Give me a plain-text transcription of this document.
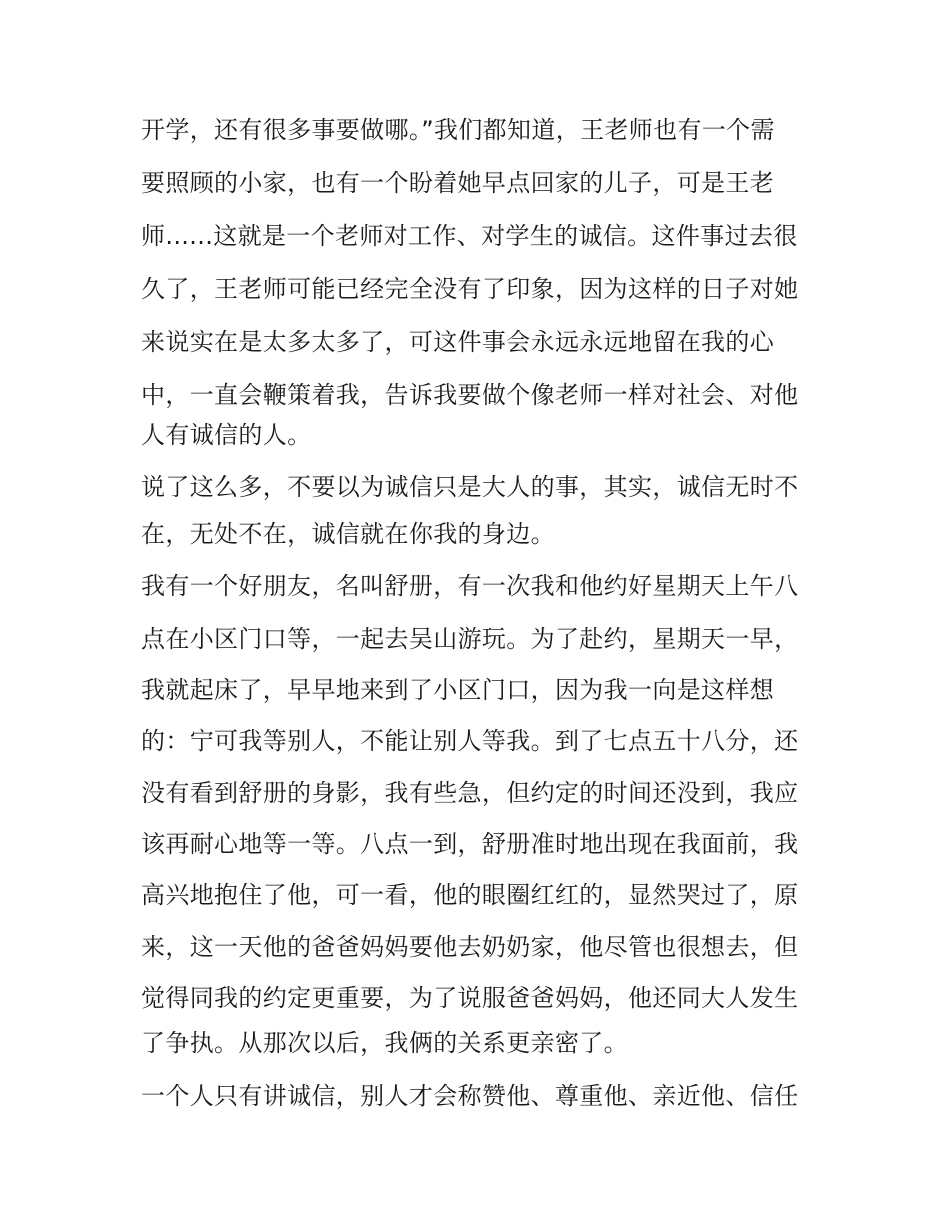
开学，还有很多事要做哪。”我们都知道，王老师也有一个需
要照顾的小家，也有一个盼着她早点回家的儿子，可是王老
师......这就是一个老师对工作、对学生的诚信。这件事过去很
久了，王老师可能已经完全没有了印象，因为这样的日子对她
来说实在是太多太多了，可这件事会永远永远地留在我的心
中，一直会鞭策着我，告诉我要做个像老师一样对社会、对他
人有诚信的人。
说了这么多，不要以为诚信只是大人的事，其实，诚信无时不
在，无处不在，诚信就在你我的身边。
我有一个好朋友，名叫舒册，有一次我和他约好星期天上午八
点在小区门口等，一起去吴山游玩。为了赴约，星期天一早，
我就起床了，早早地来到了小区门口，因为我一向是这样想
的：宁可我等别人，不能让别人等我。到了七点五十八分，还
没有看到舒册的身影，我有些急，但约定的时间还没到，我应
该再耐心地等一等。八点一到，舒册准时地出现在我面前，我
高兴地抱住了他，可一看，他的眼圈红红的，显然哭过了，原
来，这一天他的爸爸妈妈要他去奶奶家，他尽管也很想去，但
觉得同我的约定更重要，为了说服爸爸妈妈，他还同大人发生
了争执。从那次以后，我俩的关系更亲密了。
一个人只有讲诚信，别人才会称赞他、尊重他、亲近他、信任
